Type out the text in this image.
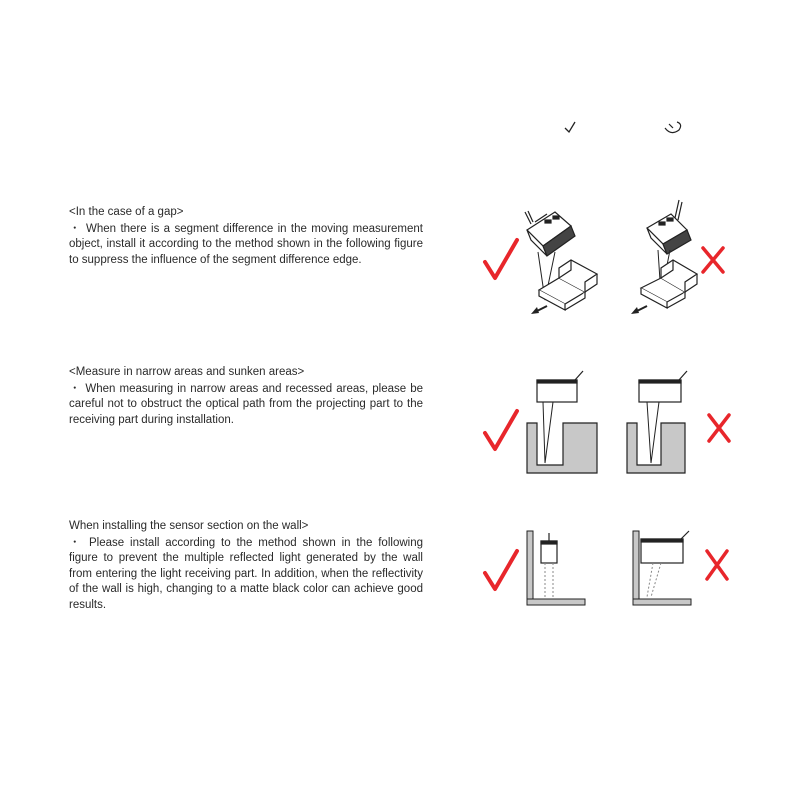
<In the case of a gap>

・ When there is a segment difference in the moving measurement object, install it according to the method shown in the following figure to suppress the influence of the segment difference edge.

<Measure in narrow areas and sunken areas>

・ When measuring in narrow areas and recessed areas, please be careful not to obstruct the optical path from the projecting part to the receiving part during installation.

When installing the sensor section on the wall>

・ Please install according to the method shown in the following figure to prevent the multiple reflected light generated by the wall from entering the light receiving part. In addition, when the reflectivity of the wall is high, changing to a matte black color can achieve good results.
